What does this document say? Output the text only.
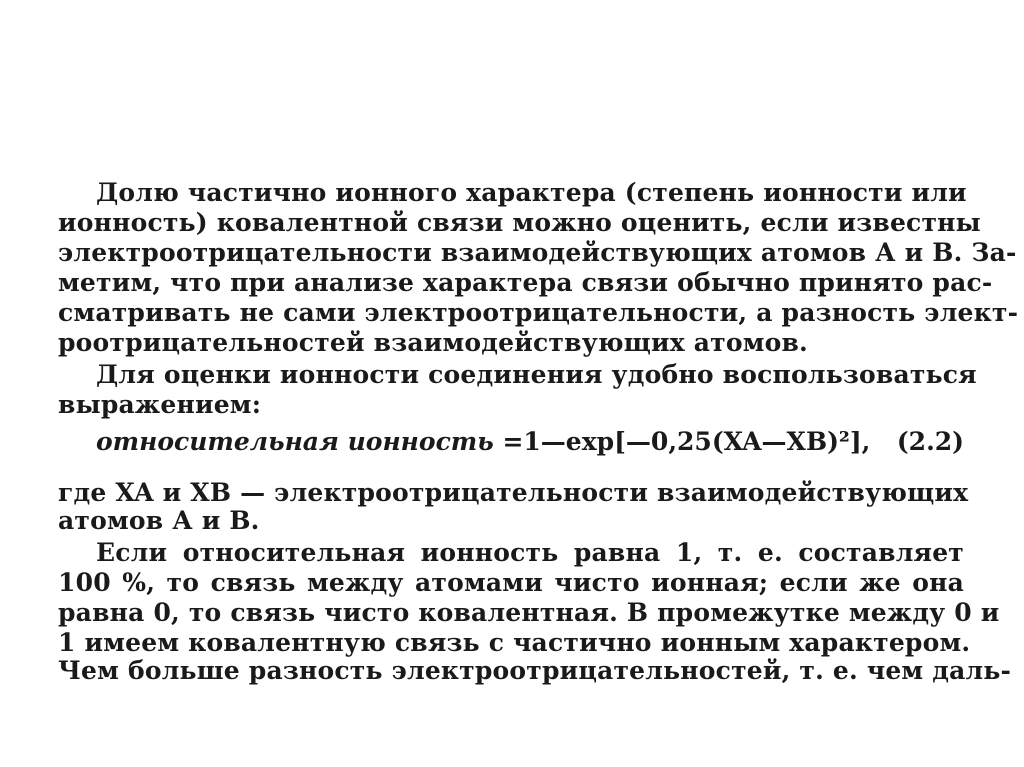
Долю частично ионного характера (степень ионности или
ионность) ковалентной связи можно оценить, если известны
электроотрицательности взаимодействующих атомов А и В. За-
метим, что при анализе характера связи обычно принято рас-
сматривать не сами электроотрицательности, а разность элект-
роотрицательностей взаимодействующих атомов.
Для оценки ионности соединения удобно воспользоваться
выражением:
относительная ионность =1—exp[—0,25(XA—XB)²], (2.2)
где XA и XB — электроотрицательности взаимодействующих
атомов А и В.
Если относительная ионность равна 1, т. е. составляет
100 %, то связь между атомами чисто ионная; если же она
равна 0, то связь чисто ковалентная. В промежутке между 0 и
1 имеем ковалентную связь с частично ионным характером.
Чем больше разность электроотрицательностей, т. е. чем даль-
